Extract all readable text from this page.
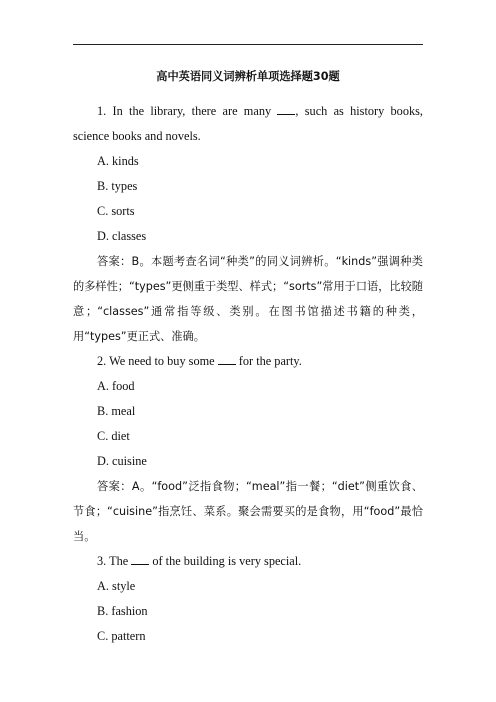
高中英语同义词辨析单项选择题30题

1. In the library, there are many , such as history books, science books and novels.

A. kinds

B. types

C. sorts

D. classes

答案：B。本题考查名词“种类”的同义词辨析。“kinds”强调种类的多样性；“types”更侧重于类型、样式；“sorts”常用于口语，比较随意；“classes”通常指等级、类别。在图书馆描述书籍的种类，用“types”更正式、准确。

2. We need to buy some  for the party.

A. food

B. meal

C. diet

D. cuisine

答案：A。“food”泛指食物；“meal”指一餐；“diet”侧重饮食、节食；“cuisine”指烹饪、菜系。聚会需要买的是食物，用“food”最恰当。

3. The  of the building is very special.

A. style

B. fashion

C. pattern
